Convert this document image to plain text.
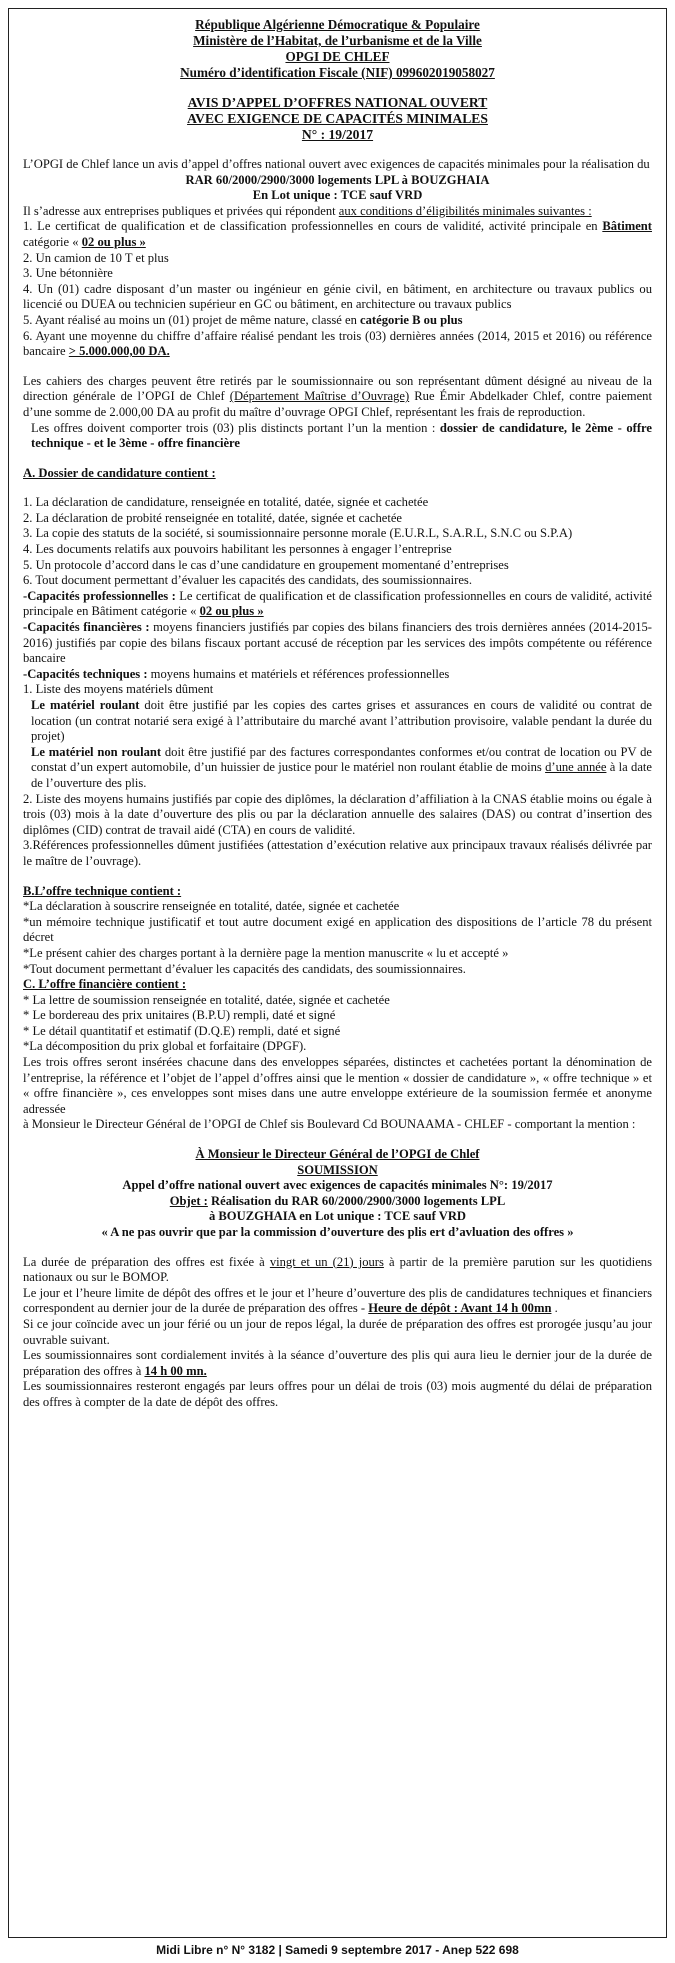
République Algérienne Démocratique & Populaire
Ministère de l’Habitat, de l’urbanisme et de la Ville
OPGI DE CHLEF
Numéro d’identification Fiscale (NIF) 099602019058027
AVIS D’APPEL D’OFFRES NATIONAL OUVERT
AVEC EXIGENCE DE CAPACITÉS MINIMALES
N° : 19/2017

L’OPGI de Chlef lance un avis d’appel d’offres national ouvert avec exigences de capacités minimales pour la réalisation du

RAR 60/2000/2900/3000 logements LPL à BOUZGHAIA
En Lot unique : TCE sauf VRD

Il s’adresse aux entreprises publiques et privées qui répondent aux conditions d’éligibilités minimales suivantes :

1. Le certificat de qualification et de classification professionnelles en cours de validité, activité principale en Bâtiment catégorie « 02 ou plus »

2. Un camion de 10 T et plus

3. Une bétonnière

4. Un (01) cadre disposant d’un master ou ingénieur en génie civil, en bâtiment, en architecture ou travaux publics ou licencié ou DUEA ou technicien supérieur en GC ou bâtiment, en architecture ou travaux publics

5. Ayant réalisé au moins un (01) projet de même nature, classé en catégorie B ou plus

6. Ayant une moyenne du chiffre d’affaire réalisé pendant les trois (03) dernières années (2014, 2015 et 2016) ou référence bancaire > 5.000.000,00 DA.

Les cahiers des charges peuvent être retirés par le soumissionnaire ou son représentant dûment désigné au niveau de la direction générale de l’OPGI de Chlef (Département Maîtrise d’Ouvrage) Rue Émir Abdelkader Chlef, contre paiement d’une somme de 2.000,00 DA au profit du maître d’ouvrage OPGI Chlef, représentant les frais de reproduction.

Les offres doivent comporter trois (03) plis distincts portant l’un la mention : dossier de candidature, le 2ème - offre technique - et le 3ème - offre financière

A. Dossier de candidature contient :

1. La déclaration de candidature, renseignée en totalité, datée, signée et cachetée

2. La déclaration de probité renseignée en totalité, datée, signée et cachetée

3. La copie des statuts de la société, si soumissionnaire personne morale (E.U.R.L, S.A.R.L, S.N.C ou S.P.A)

4. Les documents relatifs aux pouvoirs habilitant les personnes à engager l’entreprise

5. Un protocole d’accord dans le cas d’une candidature en groupement momentané d’entreprises

6. Tout document permettant d’évaluer les capacités des candidats, des soumissionnaires.

-Capacités professionnelles : Le certificat de qualification et de classification professionnelles en cours de validité, activité principale en Bâtiment catégorie « 02 ou plus »

-Capacités financières : moyens financiers justifiés par copies des bilans financiers des trois dernières années (2014-2015-2016) justifiés par copie des bilans fiscaux portant accusé de réception par les services des impôts compétente ou référence bancaire

-Capacités techniques : moyens humains et matériels et références professionnelles

1. Liste des moyens matériels dûment

Le matériel roulant doit être justifié par les copies des cartes grises et assurances en cours de validité ou contrat de location (un contrat notarié sera exigé à l’attributaire du marché avant l’attribution provisoire, valable pendant la durée du projet)

Le matériel non roulant doit être justifié par des factures correspondantes conformes et/ou contrat de location ou PV de constat d’un expert automobile, d’un huissier de justice pour le matériel non roulant établie de moins d’une année à la date de l’ouverture des plis.

2. Liste des moyens humains justifiés par copie des diplômes, la déclaration d’affiliation à la CNAS établie moins ou égale à trois (03) mois à la date d’ouverture des plis ou par la déclaration annuelle des salaires (DAS) ou contrat d’insertion des diplômes (CID) contrat de travail aidé (CTA) en cours de validité.

3.Références professionnelles dûment justifiées (attestation d’exécution relative aux principaux travaux réalisés délivrée par le maître de l’ouvrage).

B.L’offre technique contient :

*La déclaration à souscrire renseignée en totalité, datée, signée et cachetée

*un mémoire technique justificatif et tout autre document exigé en application des dispositions de l’article 78 du présent décret

*Le présent cahier des charges portant à la dernière page la mention manuscrite « lu et accepté »

*Tout document permettant d’évaluer les capacités des candidats, des soumissionnaires.

C. L’offre financière contient :

* La lettre de soumission renseignée en totalité, datée, signée et cachetée

* Le bordereau des prix unitaires (B.P.U) rempli, daté et signé

* Le détail quantitatif et estimatif (D.Q.E) rempli, daté et signé

*La décomposition du prix global et forfaitaire (DPGF).

Les trois offres seront insérées chacune dans des enveloppes séparées, distinctes et cachetées portant la dénomination de l’entreprise, la référence et l’objet de l’appel d’offres ainsi que le mention « dossier de candidature », « offre technique » et « offre financière », ces enveloppes sont mises dans une autre enveloppe extérieure de la soumission fermée et anonyme adressée

à Monsieur le Directeur Général de l’OPGI de Chlef sis Boulevard Cd BOUNAAMA - CHLEF - comportant la mention :

À Monsieur le Directeur Général de l’OPGI de Chlef
SOUMISSION
Appel d’offre national ouvert avec exigences de capacités minimales N°: 19/2017
Objet : Réalisation du RAR 60/2000/2900/3000 logements LPL
à BOUZGHAIA en Lot unique : TCE sauf VRD
« A ne pas ouvrir que par la commission d’ouverture des plis ert d’avluation des offres »

La durée de préparation des offres est fixée à vingt et un (21) jours à partir de la première parution sur les quotidiens nationaux ou sur le BOMOP.

Le jour et l’heure limite de dépôt des offres et le jour et l’heure d’ouverture des plis de candidatures techniques et financiers correspondent au dernier jour de la durée de préparation des offres - Heure de dépôt : Avant 14 h 00mn .

Si ce jour coïncide avec un jour férié ou un jour de repos légal, la durée de préparation des offres est prorogée jusqu’au jour ouvrable suivant.

Les soumissionnaires sont cordialement invités à la séance d’ouverture des plis qui aura lieu le dernier jour de la durée de préparation des offres à 14 h 00 mn.

Les soumissionnaires resteront engagés par leurs offres pour un délai de trois (03) mois augmenté du délai de préparation des offres à compter de la date de dépôt des offres.

Midi Libre n° N° 3182 | Samedi 9 septembre 2017 - Anep 522 698
